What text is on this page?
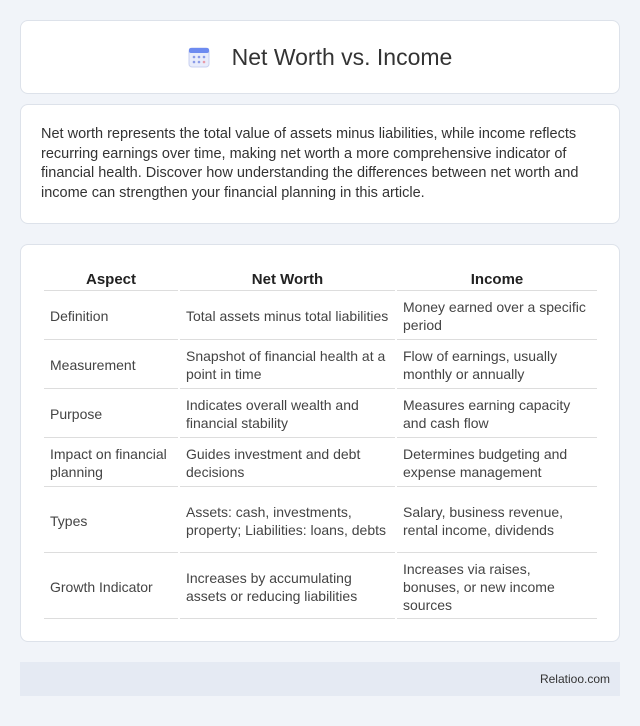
Net Worth vs. Income

Net worth represents the total value of assets minus liabilities, while income reflects recurring earnings over time, making net worth a more comprehensive indicator of financial health. Discover how understanding the differences between net worth and income can strengthen your financial planning in this article.

Aspect	Net Worth	Income
Definition	Total assets minus total liabilities	Money earned over a specific period
Measurement	Snapshot of financial health at a point in time	Flow of earnings, usually monthly or annually
Purpose	Indicates overall wealth and financial stability	Measures earning capacity and cash flow
Impact on financial planning	Guides investment and debt decisions	Determines budgeting and expense management
Types	Assets: cash, investments, property; Liabilities: loans, debts	Salary, business revenue, rental income, dividends
Growth Indicator	Increases by accumulating assets or reducing liabilities	Increases via raises, bonuses, or new income sources
Relatioo.com
